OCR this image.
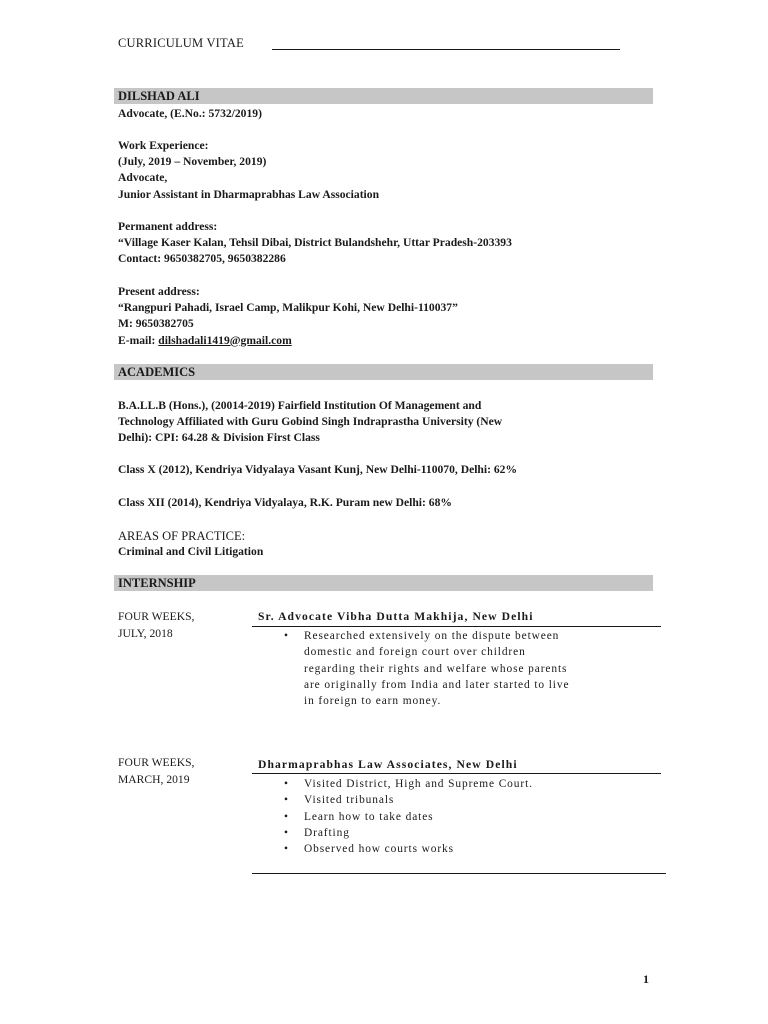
CURRICULUM VITAE
DILSHAD ALI
Advocate, (E.No.: 5732/2019)
Work Experience:
(July, 2019 – November, 2019)
Advocate,
Junior Assistant in Dharmaprabhas Law Association
Permanent address:
“Village Kaser Kalan, Tehsil Dibai, District Bulandshehr, Uttar Pradesh-203393
Contact: 9650382705, 9650382286
Present address:
“Rangpuri Pahadi, Israel Camp, Malikpur Kohi, New Delhi-110037”
M: 9650382705
E-mail: dilshadali1419@gmail.com
ACADEMICS
B.A.LL.B (Hons.), (20014-2019) Fairfield Institution Of Management and
Technology Affiliated with Guru Gobind Singh Indraprastha University (New
Delhi): CPI: 64.28 & Division First Class
Class X (2012), Kendriya Vidyalaya Vasant Kunj, New Delhi-110070, Delhi: 62%
Class XII (2014), Kendriya Vidyalaya, R.K. Puram new Delhi: 68%
AREAS OF PRACTICE:
Criminal and Civil Litigation
INTERNSHIP
FOUR WEEKS,
JULY, 2018
Sr. Advocate Vibha Dutta Makhija, New Delhi
• Researched extensively on the dispute between
domestic and foreign court over children
regarding their rights and welfare whose parents
are originally from India and later started to live
in foreign to earn money.
FOUR WEEKS,
MARCH, 2019
Dharmaprabhas Law Associates, New Delhi
• Visited District, High and Supreme Court.
• Visited tribunals
• Learn how to take dates
• Drafting
• Observed how courts works
1
